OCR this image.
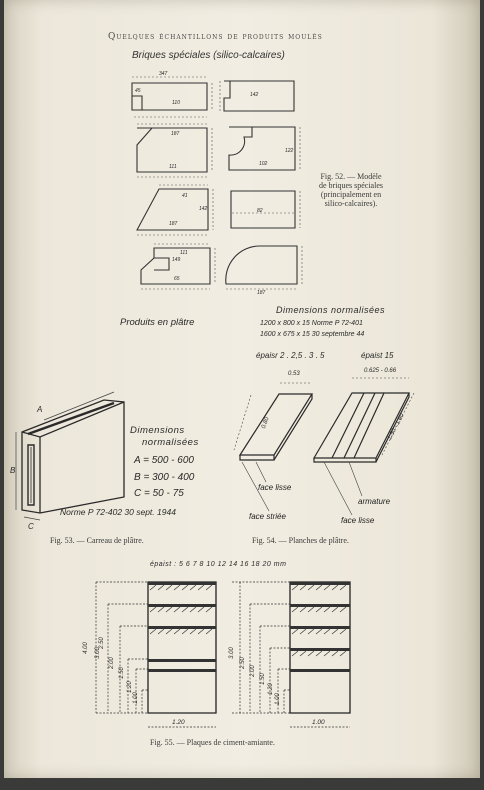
Quelques échantillons de produits moulés
Briques spéciales (silico-calcaires)
347
45
110
142
187
111	102
122
41
142
187
82
111
149
65
187
Fig. 52. — Modèle
de briques spéciales
(principalement en
silico-calcaires).
Produits en plâtre
Dimensions normalisées
1200 x 800 x 15 Norme P 72-401
1600 x 675 x 15 30 septembre 44
A
B
C
Dimensions
normalisées
A = 500 - 600
B = 300 - 400
C = 50 - 75
Norme P 72-402 30 sept. 1944
Fig. 53. — Carreau de plâtre.
épaisr 2 . 2,5 . 3 . 5	épaist 15
0.53	0.625 - 0.66
0.80	1.50 - 1.60
face lisse
face striée
armature
face lisse
Fig. 54. — Planches de plâtre.
épaist : 5 6 7 8 10 12 14 16 18 20 mm
4.00 3.00
2.50
2.00
1.50
1.20
1.00
3.00
2.50
2.00
1.50
1.20
1.00
1.20	1.00
Fig. 55. — Plaques de ciment-amiante.
